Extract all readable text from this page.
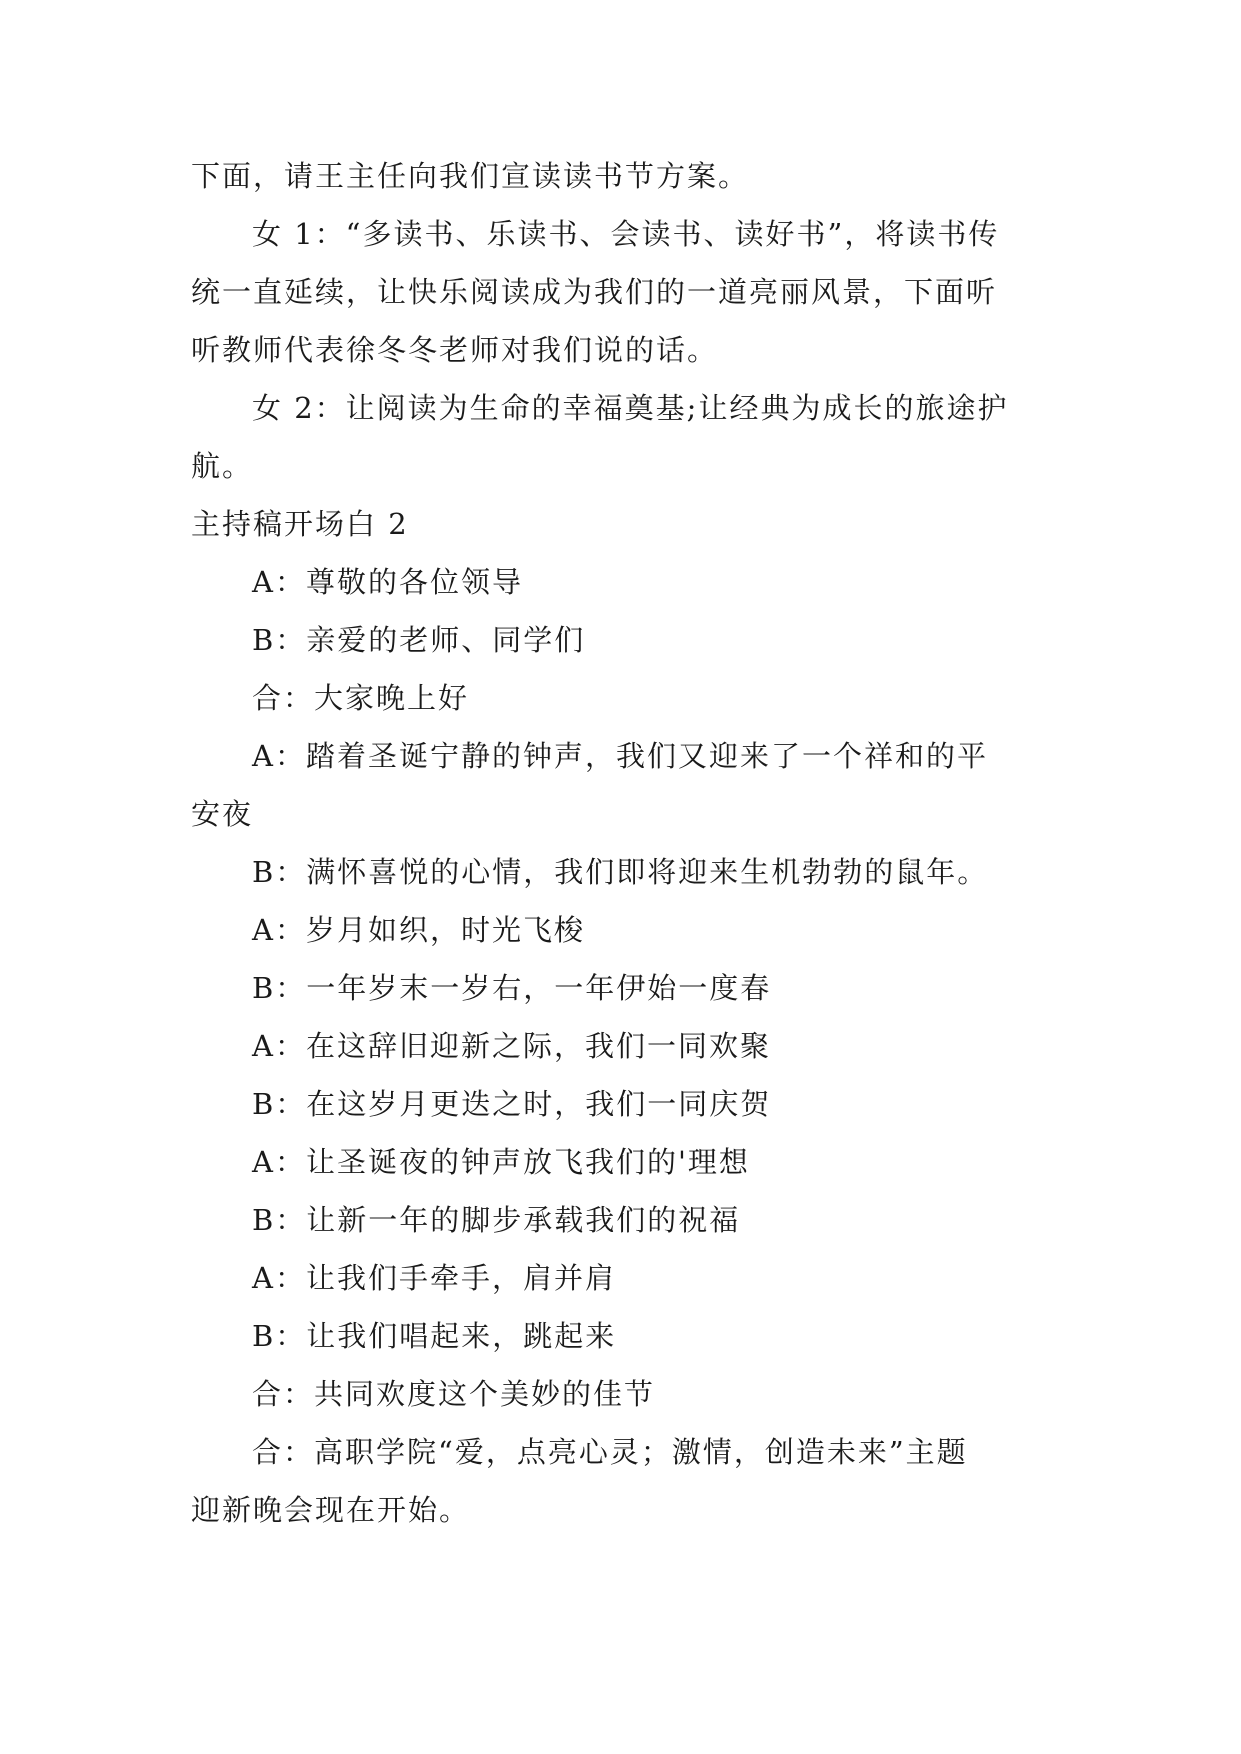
下面，请王主任向我们宣读读书节方案。
女 1：“多读书、乐读书、会读书、读好书”，将读书传
统一直延续，让快乐阅读成为我们的一道亮丽风景，下面听
听教师代表徐冬冬老师对我们说的话。
女 2：让阅读为生命的幸福奠基;让经典为成长的旅途护
航。
主持稿开场白 2
A：尊敬的各位领导
B：亲爱的老师、同学们
合：大家晚上好
A：踏着圣诞宁静的钟声，我们又迎来了一个祥和的平
安夜
B：满怀喜悦的心情，我们即将迎来生机勃勃的鼠年。
A：岁月如织，时光飞梭
B：一年岁末一岁右，一年伊始一度春
A：在这辞旧迎新之际，我们一同欢聚
B：在这岁月更迭之时，我们一同庆贺
A：让圣诞夜的钟声放飞我们的'理想
B：让新一年的脚步承载我们的祝福
A：让我们手牵手，肩并肩
B：让我们唱起来，跳起来
合：共同欢度这个美妙的佳节
合：高职学院“爱，点亮心灵；激情，创造未来”主题
迎新晚会现在开始。
